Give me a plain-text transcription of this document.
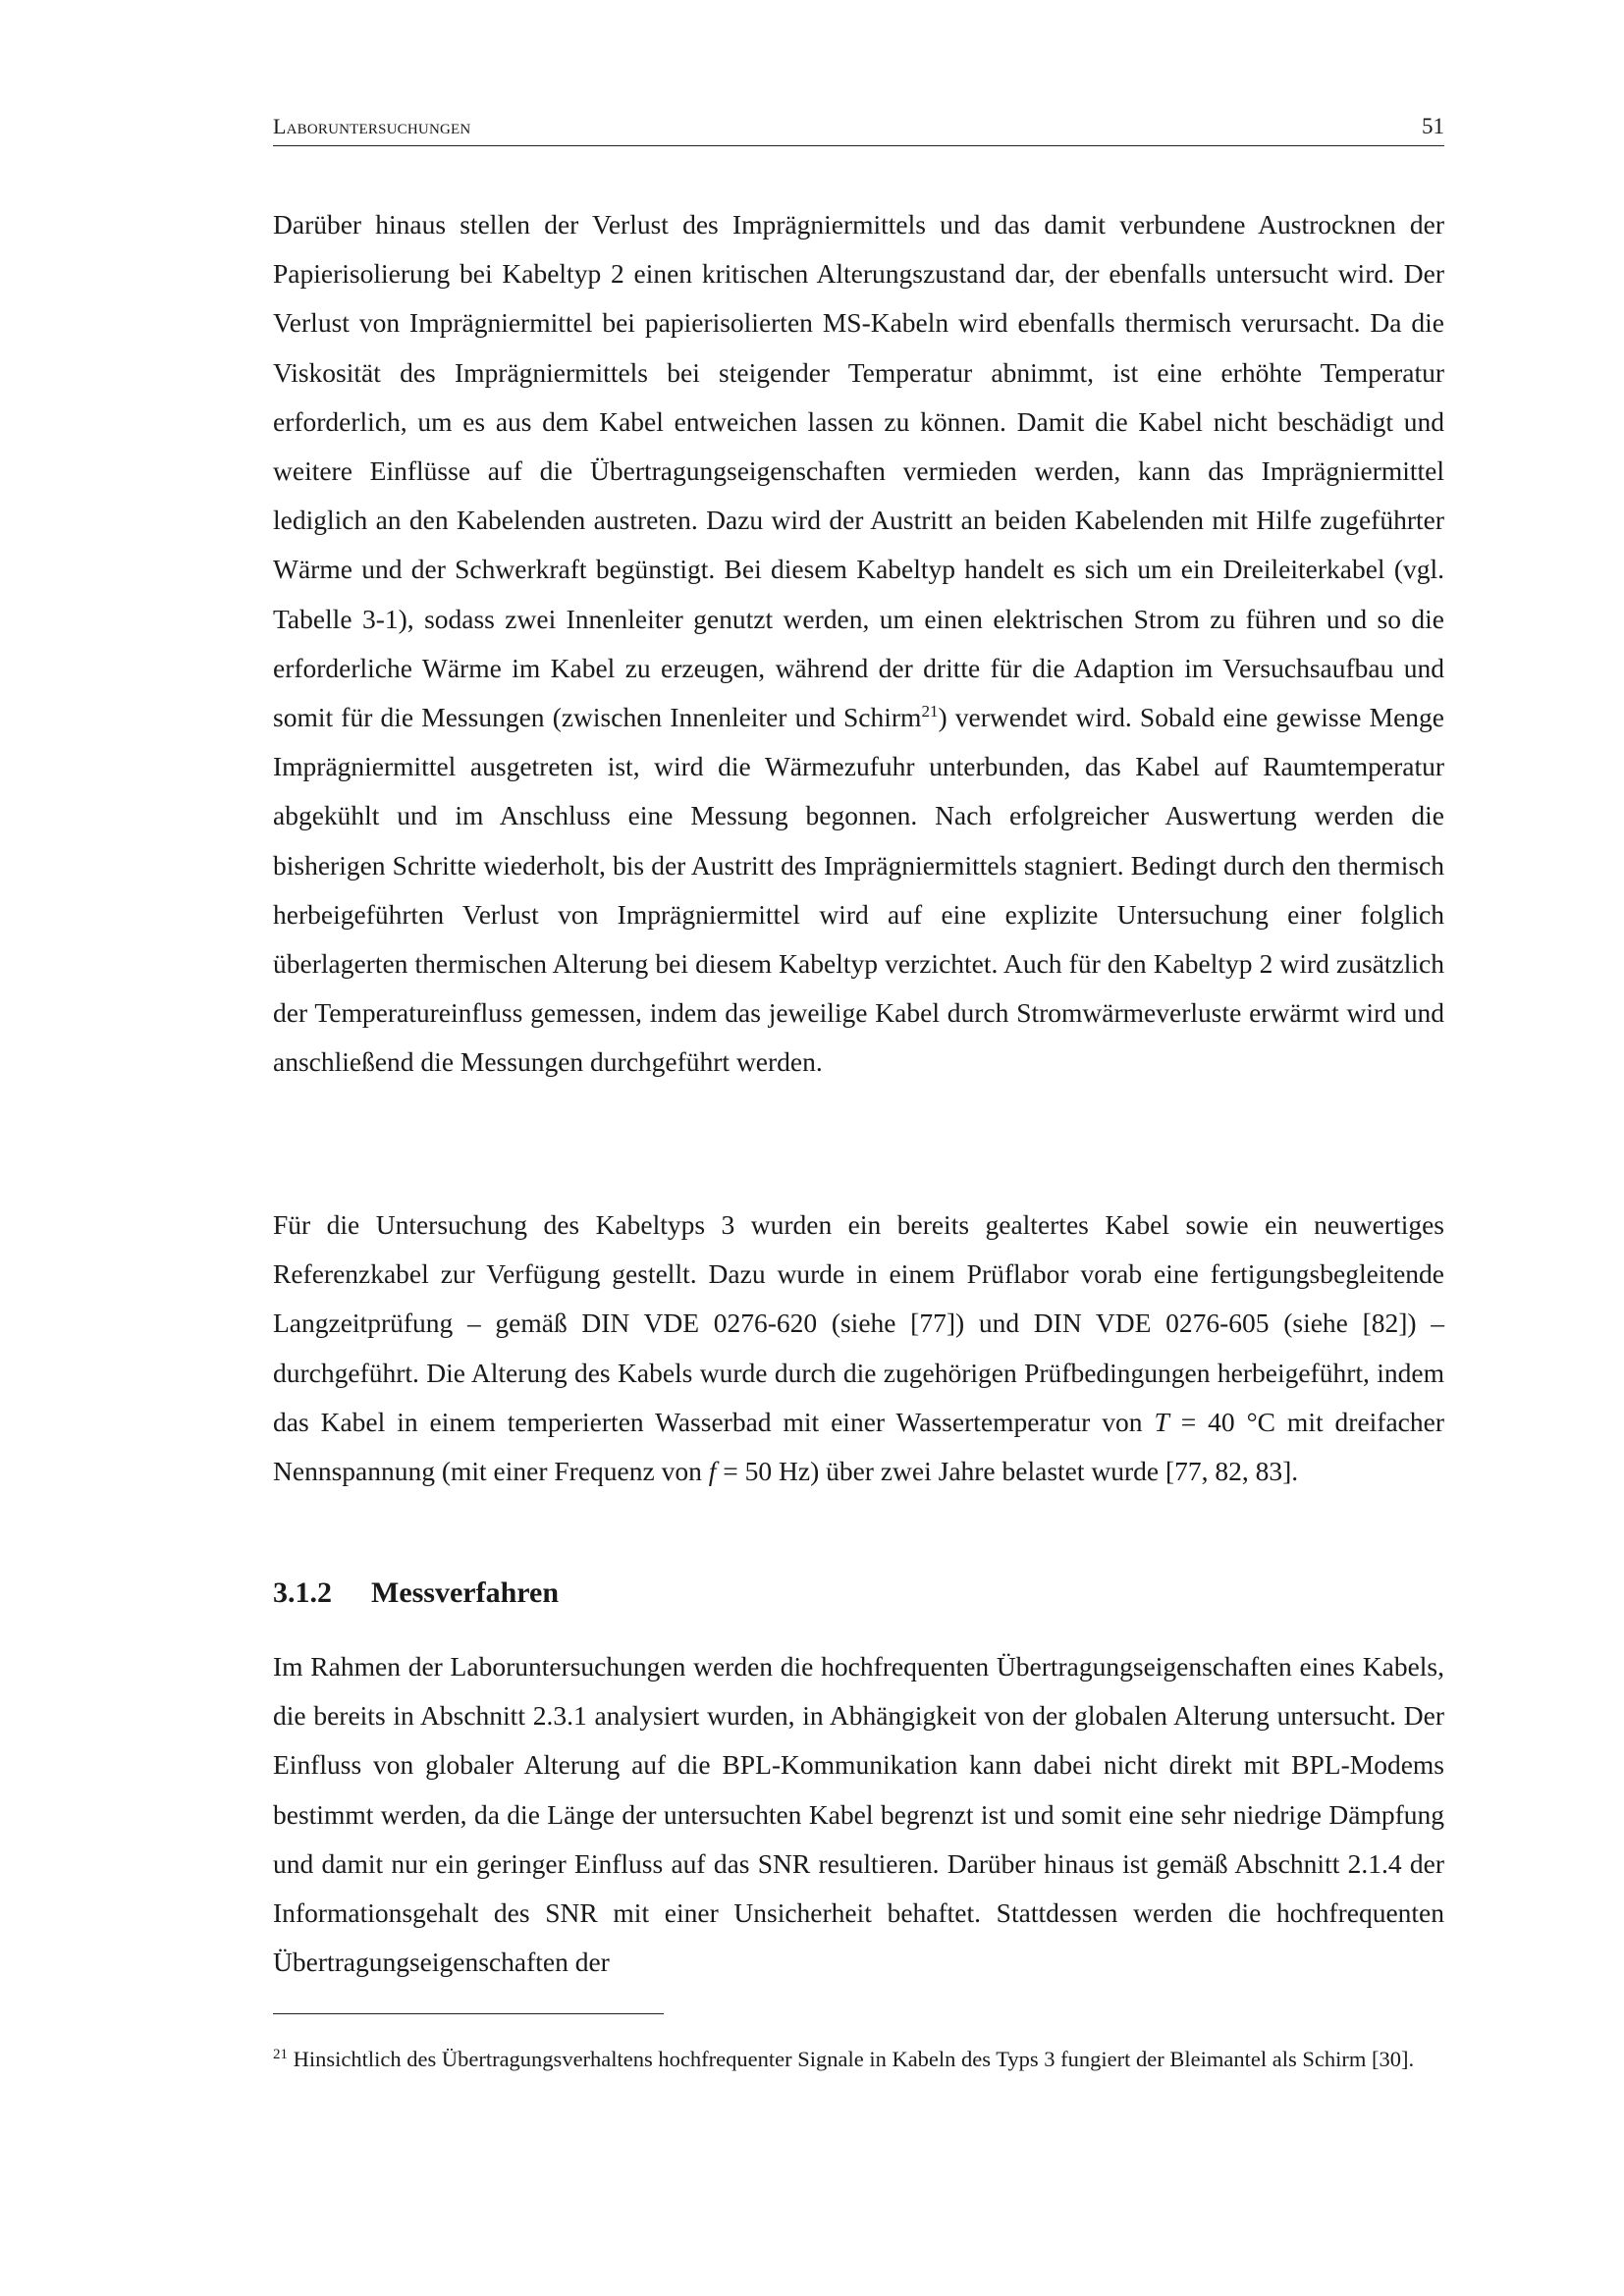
Laboruntersuchungen	51

Darüber hinaus stellen der Verlust des Imprägniermittels und das damit verbundene Austrocknen der Papierisolierung bei Kabeltyp 2 einen kritischen Alterungszustand dar, der ebenfalls untersucht wird. Der Verlust von Imprägniermittel bei papierisolierten MS-Kabeln wird ebenfalls thermisch verursacht. Da die Viskosität des Imprägniermittels bei steigender Temperatur abnimmt, ist eine erhöhte Temperatur erforderlich, um es aus dem Kabel entweichen lassen zu können. Damit die Kabel nicht beschädigt und weitere Einflüsse auf die Übertragungseigenschaften vermieden werden, kann das Imprägniermittel lediglich an den Kabelenden austreten. Dazu wird der Austritt an beiden Kabelenden mit Hilfe zugeführter Wärme und der Schwerkraft begünstigt. Bei diesem Kabeltyp handelt es sich um ein Dreileiterkabel (vgl. Tabelle 3-1), sodass zwei Innenleiter genutzt werden, um einen elektrischen Strom zu führen und so die erforderliche Wärme im Kabel zu erzeugen, während der dritte für die Adaption im Versuchsaufbau und somit für die Messungen (zwischen Innenleiter und Schirm$^{21}$) verwendet wird. Sobald eine gewisse Menge Imprägniermittel ausgetreten ist, wird die Wärmezufuhr unterbunden, das Kabel auf Raumtemperatur abgekühlt und im Anschluss eine Messung begonnen. Nach erfolgreicher Auswertung werden die bisherigen Schritte wiederholt, bis der Austritt des Imprägniermittels stagniert. Bedingt durch den thermisch herbeigeführten Verlust von Imprägniermittel wird auf eine explizite Untersuchung einer folglich überlagerten thermischen Alterung bei diesem Kabeltyp verzichtet. Auch für den Kabeltyp 2 wird zusätzlich der Temperatureinfluss gemessen, indem das jeweilige Kabel durch Stromwärmeverluste erwärmt wird und anschließend die Messungen durchgeführt werden.

Für die Untersuchung des Kabeltyps 3 wurden ein bereits gealtertes Kabel sowie ein neuwertiges Referenzkabel zur Verfügung gestellt. Dazu wurde in einem Prüflabor vorab eine fertigungsbegleitende Langzeitprüfung – gemäß DIN VDE 0276-620 (siehe [77]) und DIN VDE 0276-605 (siehe [82]) – durchgeführt. Die Alterung des Kabels wurde durch die zugehörigen Prüfbedingungen herbeigeführt, indem das Kabel in einem temperierten Wasserbad mit einer Wassertemperatur von T = 40 °C mit dreifacher Nennspannung (mit einer Frequenz von f = 50 Hz) über zwei Jahre belastet wurde [77, 82, 83].

3.1.2 Messverfahren

Im Rahmen der Laboruntersuchungen werden die hochfrequenten Übertragungseigenschaften eines Kabels, die bereits in Abschnitt 2.3.1 analysiert wurden, in Abhängigkeit von der globalen Alterung untersucht. Der Einfluss von globaler Alterung auf die BPL-Kommunikation kann dabei nicht direkt mit BPL-Modems bestimmt werden, da die Länge der untersuchten Kabel begrenzt ist und somit eine sehr niedrige Dämpfung und damit nur ein geringer Einfluss auf das SNR resultieren. Darüber hinaus ist gemäß Abschnitt 2.1.4 der Informationsgehalt des SNR mit einer Unsicherheit behaftet. Stattdessen werden die hochfrequenten Übertragungseigenschaften der

$^{21}$ Hinsichtlich des Übertragungsverhaltens hochfrequenter Signale in Kabeln des Typs 3 fungiert der Bleimantel als Schirm [30].
